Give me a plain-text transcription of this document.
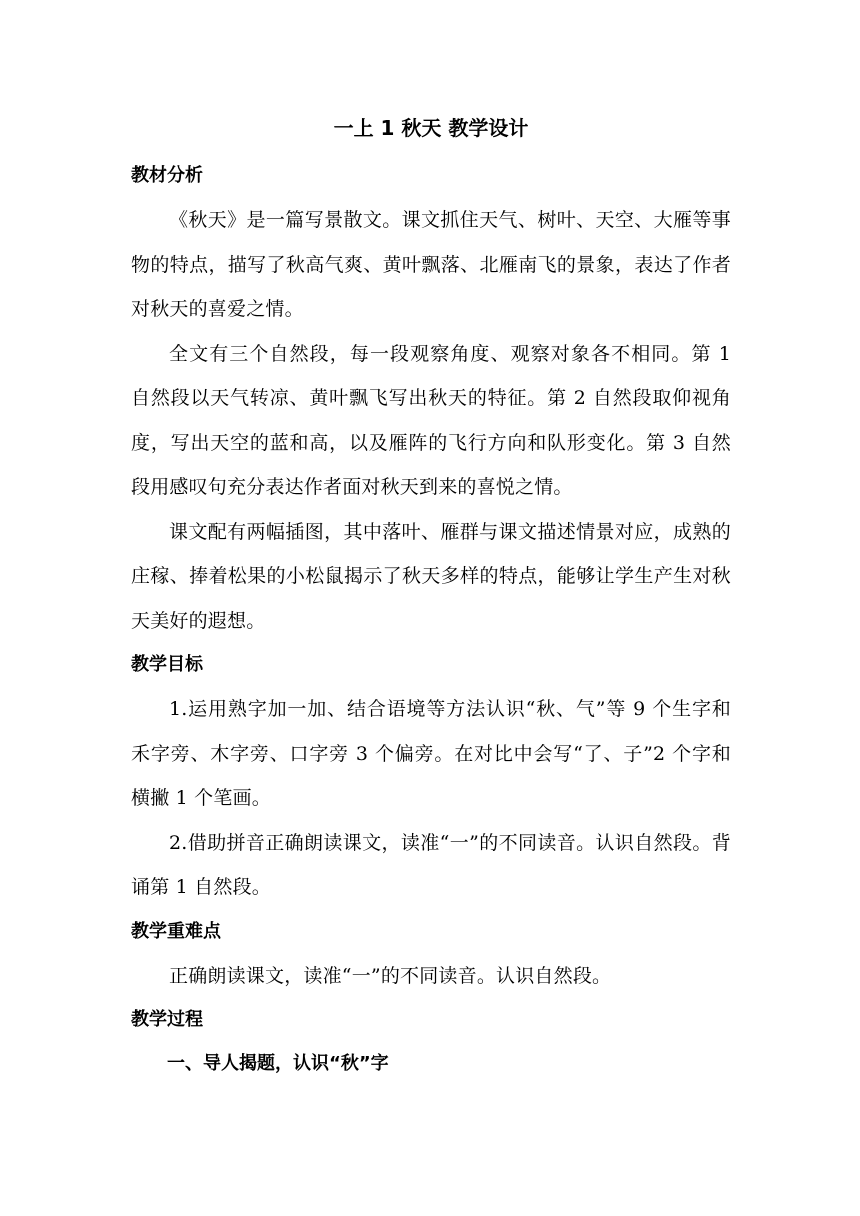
一上 1 秋天 教学设计
教材分析

《秋天》是一篇写景散文。课文抓住天气、树叶、天空、大雁等事物的特点，描写了秋高气爽、黄叶飘落、北雁南飞的景象，表达了作者对秋天的喜爱之情。

全文有三个自然段，每一段观察角度、观察对象各不相同。第 1 自然段以天气转凉、黄叶飘飞写出秋天的特征。第 2 自然段取仰视角度，写出天空的蓝和高，以及雁阵的飞行方向和队形变化。第 3 自然段用感叹句充分表达作者面对秋天到来的喜悦之情。

课文配有两幅插图，其中落叶、雁群与课文描述情景对应，成熟的庄稼、捧着松果的小松鼠揭示了秋天多样的特点，能够让学生产生对秋天美好的遐想。

教学目标

1.运用熟字加一加、结合语境等方法认识“秋、气”等 9 个生字和禾字旁、木字旁、口字旁 3 个偏旁。在对比中会写“了、子”2 个字和横撇 1 个笔画。

2.借助拼音正确朗读课文，读准“一”的不同读音。认识自然段。背诵第 1 自然段。

教学重难点

正确朗读课文，读准“一”的不同读音。认识自然段。

教学过程
一、导人揭题，认识“秋”字
